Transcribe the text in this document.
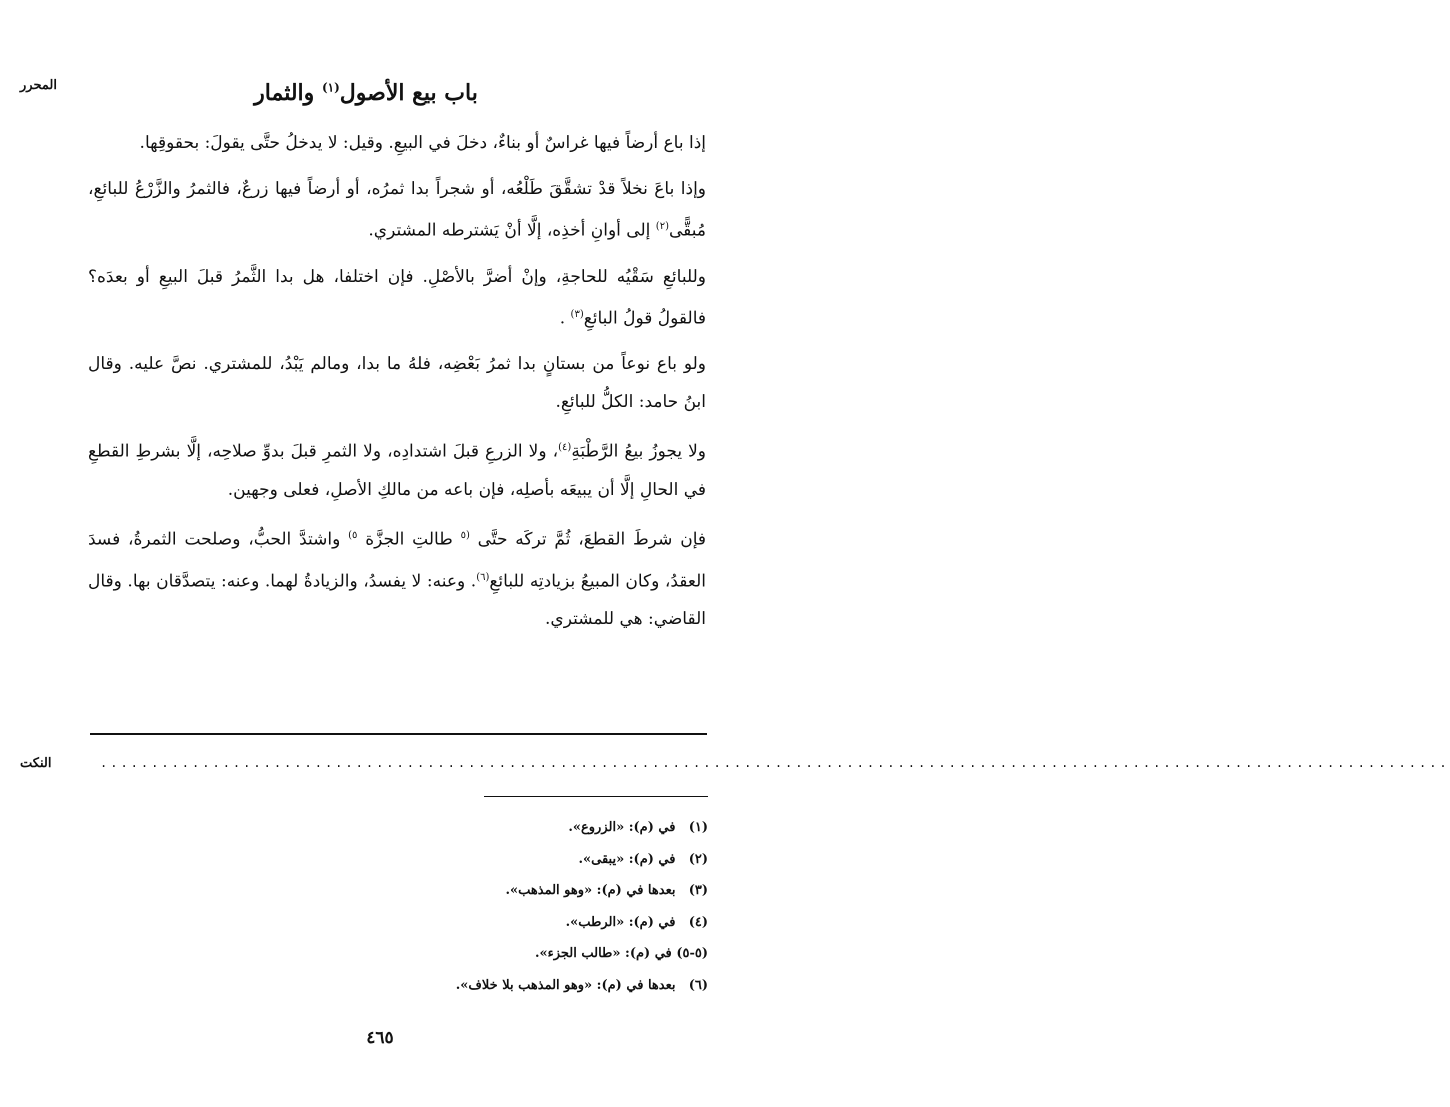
المحرر
النكت
باب بيع الأصول$^{(١)}$ والثمار

إذا باع أرضاً فيها غراسٌ أو بناءٌ، دخلَ في البيعِ. وقيل: لا يدخلُ حتَّى يقولَ: بحقوقِها.

وإذا باعَ نخلاً قدْ تشقَّقَ طَلْعُه، أو شجراً بدا ثمرُه، أو أرضاً فيها زرعٌ، فالثمرُ والزَّرْعُ للبائعِ، مُبقًّى$^{(٢)}$ إلى أوانِ أخذِه، إلَّا أنْ يَشترطه المشتري.

وللبائعِ سَقْيُه للحاجةِ، وإنْ أضرَّ بالأصْلِ. فإن اختلفا، هل بدا الثَّمرُ قبلَ البيعِ أو بعدَه؟ فالقولُ قولُ البائعِ$^{(٣)}$ .

ولو باع نوعاً من بستانٍ بدا ثمرُ بَعْضِه، فلهُ ما بدا، ومالم يَبْدُ، للمشتري. نصَّ عليه. وقال ابنُ حامد: الكلُّ للبائعِ.

ولا يجوزُ بيعُ الرَّطْبَةِ$^{(٤)}$، ولا الزرعِ قبلَ اشتدادِه، ولا الثمرِ قبلَ بدوِّ صلاحِه، إلَّا بشرطِ القطعِ في الحالِ إلَّا أن يبيعَه بأصلِه، فإن باعه من مالكِ الأصلِ، فعلى وجهين.

فإن شرطَ القطعَ، ثُمَّ تركَه حتَّى $^{(٥}$ طالتِ الجزَّة $^{٥)}$ واشتدَّ الحبُّ، وصلحت الثمرةُ، فسدَ العقدُ، وكان المبيعُ بزيادتِه للبائعِ$^{(٦)}$. وعنه: لا يفسدُ، والزيادةُ لهما. وعنه: يتصدَّقان بها. وقال القاضي: هي للمشتري.

....................................................................................................................................
(١) في (م): «الزروع».
(٢) في (م): «يبقى».
(٣) بعدها في (م): «وهو المذهب».
(٤) في (م): «الرطب».
(٥-٥) في (م): «طالب الجزء».
(٦) بعدها في (م): «وهو المذهب بلا خلاف».
٤٦٥
